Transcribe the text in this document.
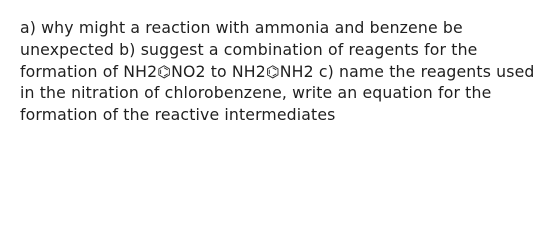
a) why might a reaction with ammonia and benzene be unexpected b) suggest a combination of reagents for the formation of NH2⌬NO2 to NH2⌬NH2 c) name the reagents used in the nitration of chlorobenzene, write an equation for the formation of the reactive intermediates
